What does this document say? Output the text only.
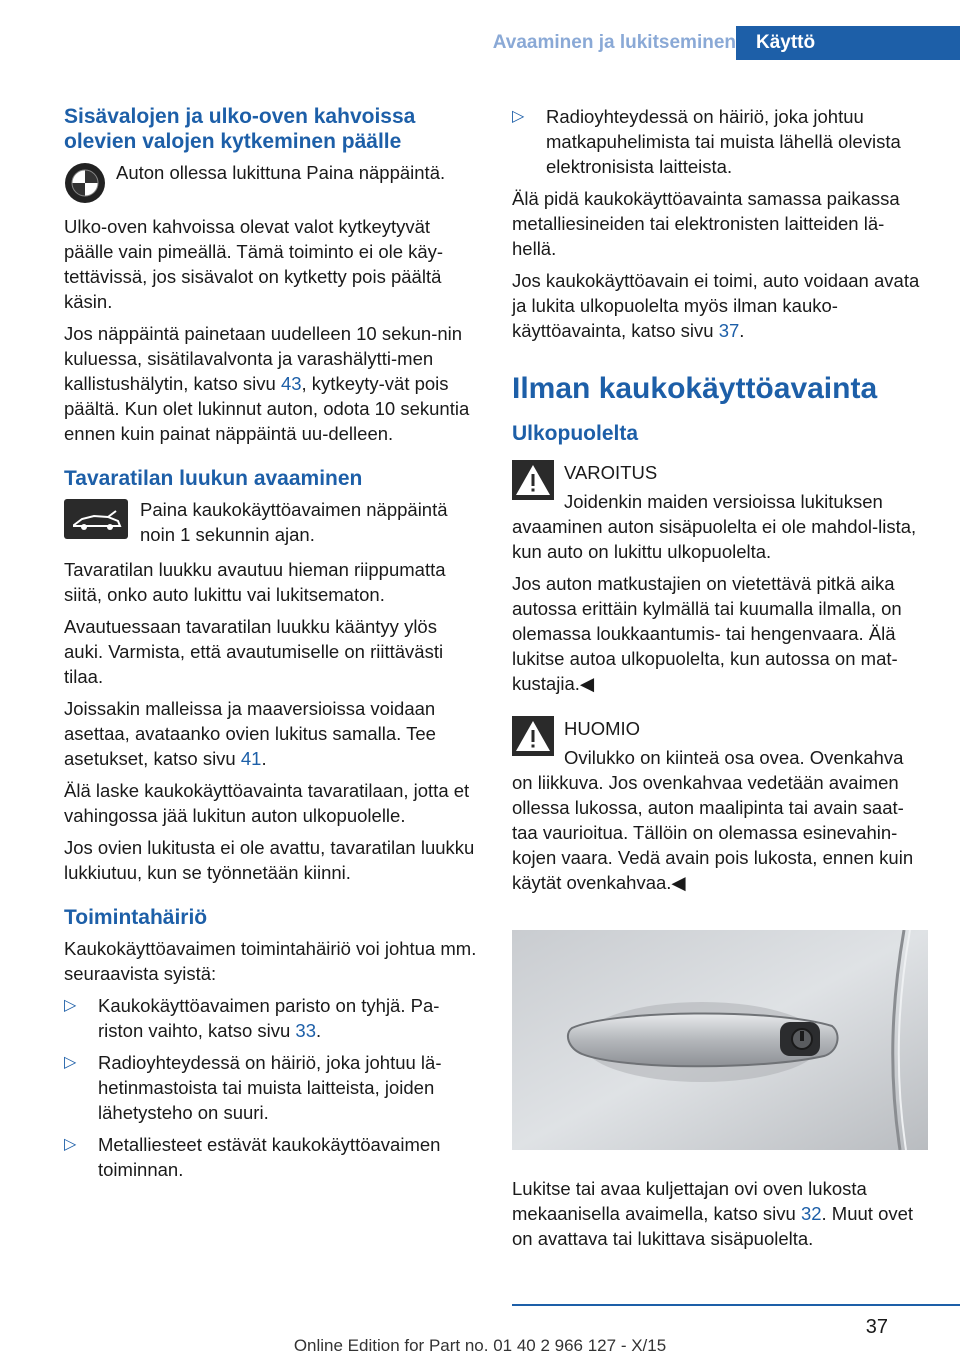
Avaaminen ja lukitseminen	Käyttö
Sisävalojen ja ulko-oven kahvoissa olevien valojen kytkeminen päälle

Auton ollessa lukittuna Paina näppäintä.

Ulko-oven kahvoissa olevat valot kytkeytyvät päälle vain pimeällä. Tämä toiminto ei ole käy-tettävissä, jos sisävalot on kytketty pois päältä käsin.

Jos näppäintä painetaan uudelleen 10 sekun-nin kuluessa, sisätilavalvonta ja varashälytti-men kallistushälytin, katso sivu 43, kytkeyty-vät pois päältä. Kun olet lukinnut auton, odota 10 sekuntia ennen kuin painat näppäintä uu-delleen.

Tavaratilan luukun avaaminen

Paina kaukokäyttöavaimen näppäintä noin 1 sekunnin ajan.

Tavaratilan luukku avautuu hieman riippumatta siitä, onko auto lukittu vai lukitsematon.

Avautuessaan tavaratilan luukku kääntyy ylös auki. Varmista, että avautumiselle on riittävästi tilaa.

Joissakin malleissa ja maaversioissa voidaan asettaa, avataanko ovien lukitus samalla. Tee asetukset, katso sivu 41.

Älä laske kaukokäyttöavainta tavaratilaan, jotta et vahingossa jää lukitun auton ulkopuolelle.

Jos ovien lukitusta ei ole avattu, tavaratilan luukku lukkiutuu, kun se työnnetään kiinni.

Toimintahäiriö

Kaukokäyttöavaimen toimintahäiriö voi johtua mm. seuraavista syistä:

▷ Kaukokäyttöavaimen paristo on tyhjä. Pa-riston vaihto, katso sivu 33.
▷ Radioyhteydessä on häiriö, joka johtuu lä-hetinmastoista tai muista laitteista, joiden lähetysteho on suuri.
▷ Metalliesteet estävät kaukokäyttöavaimen toiminnan.
▷ Radioyhteydessä on häiriö, joka johtuu matkapuhelimista tai muista lähellä olevista elektronisista laitteista.

Älä pidä kaukokäyttöavainta samassa paikassa metalliesineiden tai elektronisten laitteiden lä-hellä.

Jos kaukokäyttöavain ei toimi, auto voidaan avata ja lukita ulkopuolelta myös ilman kauko-käyttöavainta, katso sivu 37.

Ilman kaukokäyttöavainta
Ulkopuolelta

VAROITUS

Joidenkin maiden versioissa lukituksen avaaminen auton sisäpuolelta ei ole mahdol-lista, kun auto on lukittu ulkopuolelta.

Jos auton matkustajien on vietettävä pitkä aika autossa erittäin kylmällä tai kuumalla ilmalla, on olemassa loukkaantumis- tai hengenvaara. Älä lukitse autoa ulkopuolelta, kun autossa on mat-kustajia.◀

HUOMIO

Ovilukko on kiinteä osa ovea. Ovenkahva on liikkuva. Jos ovenkahvaa vedetään avaimen ollessa lukossa, auton maalipinta tai avain saat-taa vaurioitua. Tällöin on olemassa esinevahin-kojen vaara. Vedä avain pois lukosta, ennen kuin käytät ovenkahvaa.◀

Lukitse tai avaa kuljettajan ovi oven lukosta mekaanisella avaimella, katso sivu 32. Muut ovet on avattava tai lukittava sisäpuolelta.

37
Online Edition for Part no. 01 40 2 966 127 - X/15
